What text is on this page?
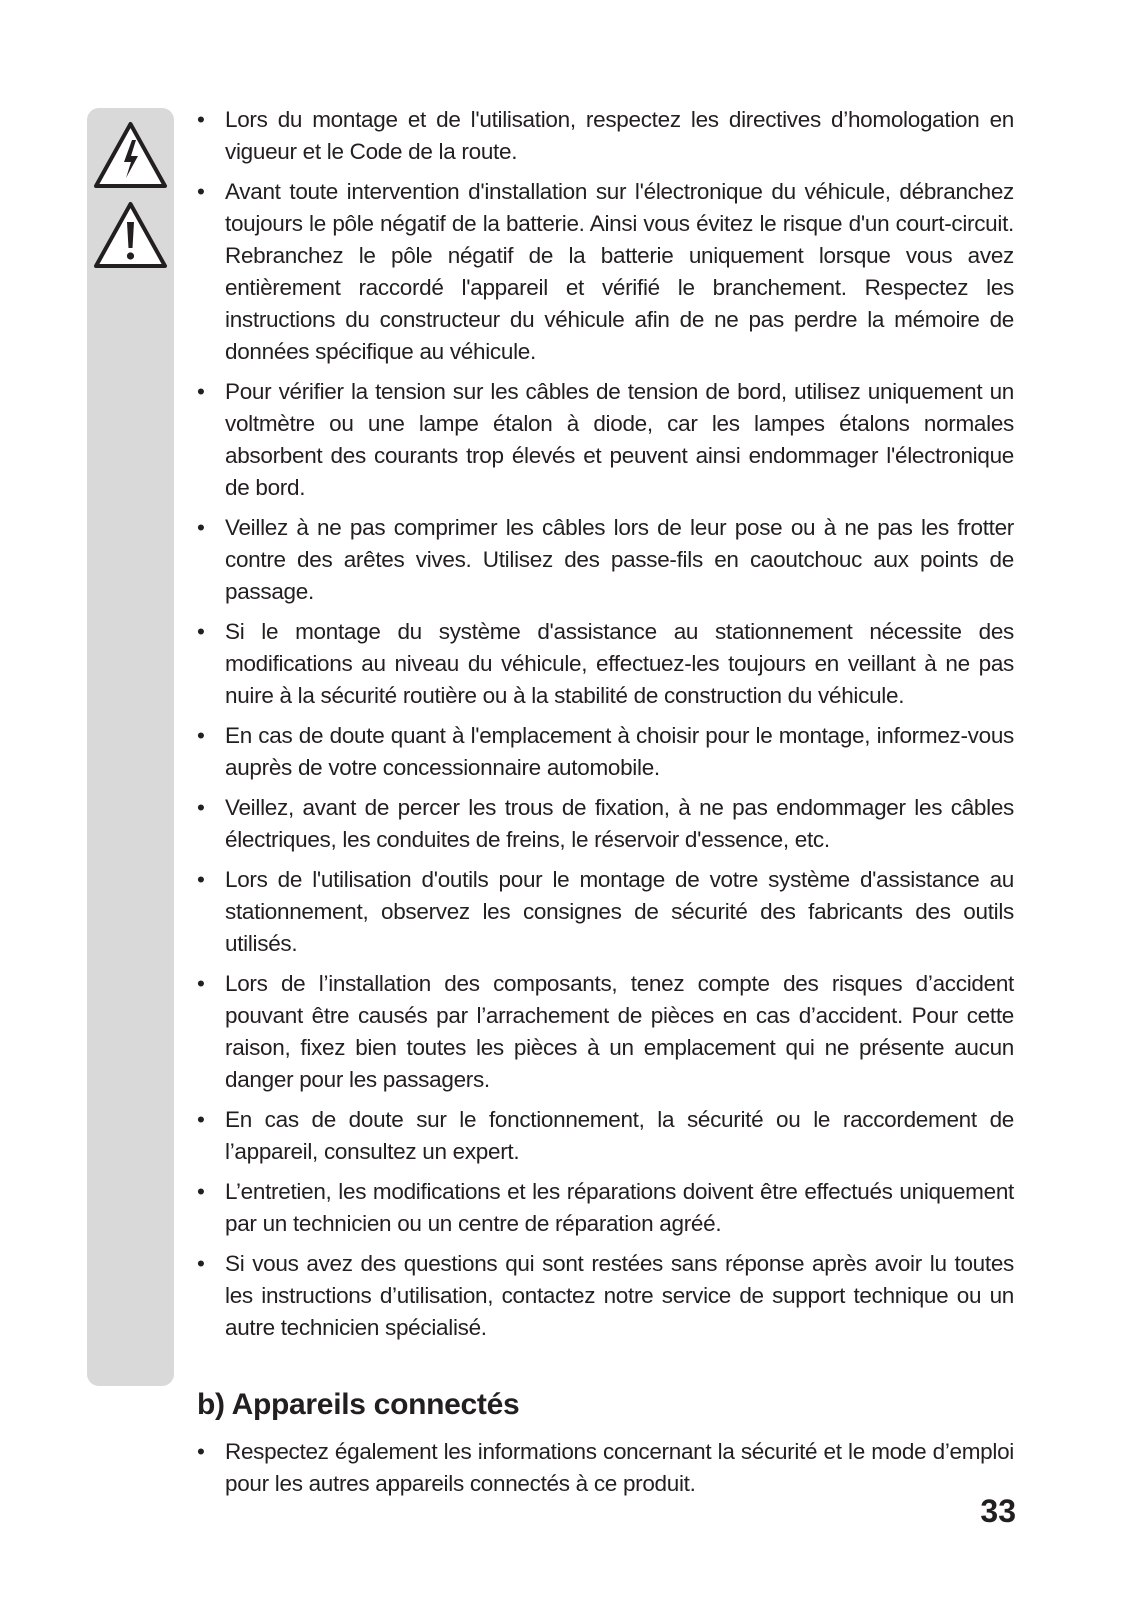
• Lors du montage et de l'utilisation, respectez les directives d’homologation en vigueur et le Code de la route.
• Avant toute intervention d'installation sur l'électronique du véhicule, débranchez toujours le pôle négatif de la batterie. Ainsi vous évitez le risque d'un court-circuit. Rebranchez le pôle négatif de la batterie uniquement lorsque vous avez entièrement raccordé l'appareil et vérifié le branchement. Respectez les instructions du constructeur du véhicule afin de ne pas perdre la mémoire de données spécifique au véhicule.
• Pour vérifier la tension sur les câbles de tension de bord, utilisez uniquement un voltmètre ou une lampe étalon à diode, car les lampes étalons normales absorbent des courants trop élevés et peuvent ainsi endommager l'électronique de bord.
• Veillez à ne pas comprimer les câbles lors de leur pose ou à ne pas les frotter contre des arêtes vives. Utilisez des passe-fils en caoutchouc aux points de passage.
• Si le montage du système d'assistance au stationnement nécessite des modifications au niveau du véhicule, effectuez-les toujours en veillant à ne pas nuire à la sécurité routière ou à la stabilité de construction du véhicule.
• En cas de doute quant à l'emplacement à choisir pour le montage, informez-vous auprès de votre concessionnaire automobile.
• Veillez, avant de percer les trous de fixation, à ne pas endommager les câbles électriques, les conduites de freins, le réservoir d'essence, etc.
• Lors de l'utilisation d'outils pour le montage de votre système d'assistance au stationnement, observez les consignes de sécurité des fabricants des outils utilisés.
• Lors de l’installation des composants, tenez compte des risques d’accident pouvant être causés par l’arrachement de pièces en cas d’accident. Pour cette raison, fixez bien toutes les pièces à un emplacement qui ne présente aucun danger pour les passagers.
• En cas de doute sur le fonctionnement, la sécurité ou le raccordement de l’appareil, consultez un expert.
• L’entretien, les modifications et les réparations doivent être effectués uniquement par un technicien ou un centre de réparation agréé.
• Si vous avez des questions qui sont restées sans réponse après avoir lu toutes les instructions d’utilisation, contactez notre service de support technique ou un autre technicien spécialisé.
b) Appareils connectés
• Respectez également les informations concernant la sécurité et le mode d’emploi pour les autres appareils connectés à ce produit.
33
